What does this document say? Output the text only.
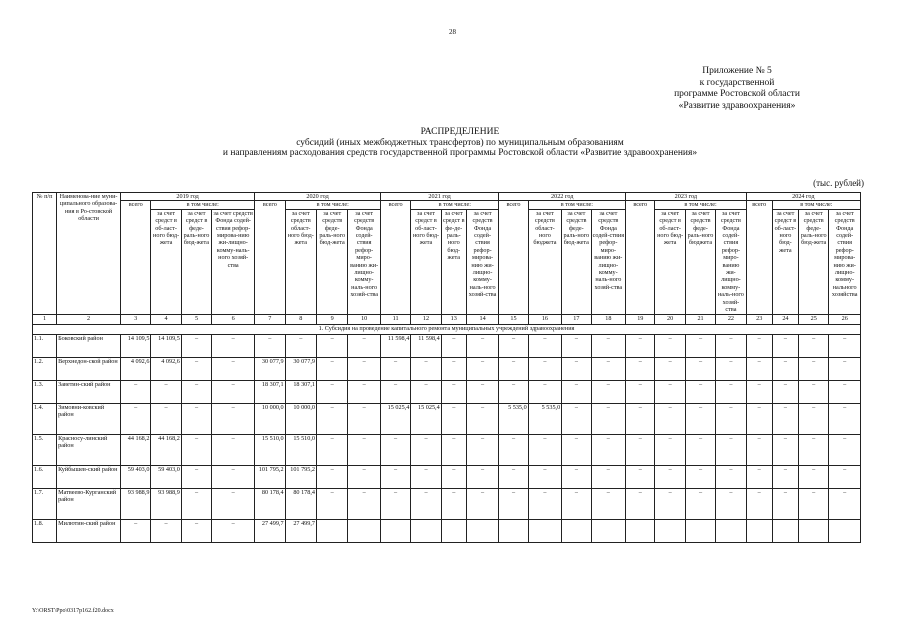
28
Приложение № 5
к государственной
программе Ростовской области
«Развитие здравоохранения»
РАСПРЕДЕЛЕНИЕ
субсидий (иных межбюджетных трансфертов) по муниципальным образованиям
и направлениям расходования средств государственной программы Ростовской области «Развитие здравоохранения»
(тыс. рублей)
№ п/п	Наименова-ние муни-ципального образова-ния в Ро-стовской области	2019 год				2020 год				2021 год				2022 год				2023 год				2024 год			
		всего	в том числе:			всего	в том числе:			всего	в том числе:			всего	в том числе:			всего	в том числе:			всего	в том числе:		
			за счет средст в об-ласт-ного бюд-жета	за счет средст в феде-раль-ного бюд-жета	за счет средств Фонда содей-ствия рефор-мирова-нию жи-лищно-комму-наль-ного хозяй-ства		за счет средств област-ного бюд-жета	за счет средств феде-раль-ного бюд-жета	за счет средств Фонда содей-ствия рефор-миро-ванию жи-лищно-комму-наль-ного хозяй-ства		за счет средст в об-ласт-ного бюд-жета	за счет средст в фе-де-раль-ного бюд-жета	за счет средств Фонда содей-ствия рефор-мирова-нию жи-лищно-комму-наль-ного хозяй-ства		за счет средств област-ного бюджета	за счет средств феде-раль-ного бюд-жета	за счет средств Фонда содей-ствия рефор-миро-ванию жи-лищно-комму-наль-ного хозяй-ства		за счет средст в об-ласт-ного бюд-жета	за счет средств феде-раль-ного бюджета	за счет средств Фонда содей-ствия рефор-миро-ванию жи-лищно-комму-наль-ного хозяй-ства		за счет средст в об-ласт-ного бюд-жета	за счет средств феде-раль-ного бюд-жета	за счет средств Фонда содей-ствия рефор-мирова-нию жи-лищно-комму-нального хозяйства
1	2	3	4	5	6	7	8	9	10	11	12	13	14	15	16	17	18	19	20	21	22	23	24	25	26
1. Субсидия на проведение капитального ремонта муниципальных учреждений здравоохранения																									
1.1.	Боковский район	14 109,5	14 109,5	–	–	–	–	–	–	11 598,4	11 598,4	–	–	–	–	–	–	–	–	–	–	–	–	–	–
1.2.	Верхнедон-ской район	4 092,6	4 092,6	–	–	30 077,9	30 077,9	–	–	–	–	–	–	–	–	–	–	–	–	–	–	–	–	–	–
1.3.	Заветин-ский район	–	–	–	–	18 307,1	18 307,1	–	–	–	–	–	–	–	–	–	–	–	–	–	–	–	–	–	–
1.4.	Зимовни-ковский район	–	–	–	–	10 000,0	10 000,0	–	–	15 025,4	15 025,4	–	–	5 535,0	5 535,0	–	–	–	–	–	–	–	–	–	–
1.5.	Красносу-линский район	44 168,2	44 168,2	–	–	15 510,0	15 510,0	–	–	–	–	–	–	–	–	–	–	–	–	–	–	–	–	–	–
1.6.	Куйбышев-ский район	59 403,0	59 403,0	–	–	101 795,2	101 795,2	–	–	–	–	–	–	–	–	–	–	–	–	–	–	–	–	–	–
1.7.	Матвеево-Курганский район	93 988,9	93 988,9	–	–	80 178,4	80 178,4	–	–	–	–	–	–	–	–	–	–	–	–	–	–	–	–	–	–
1.8.	Милютин-ский район	–	–	–	–	27 499,7	27 499,7																		
Y:\ORST\Ppo\0317p162.f20.docx
